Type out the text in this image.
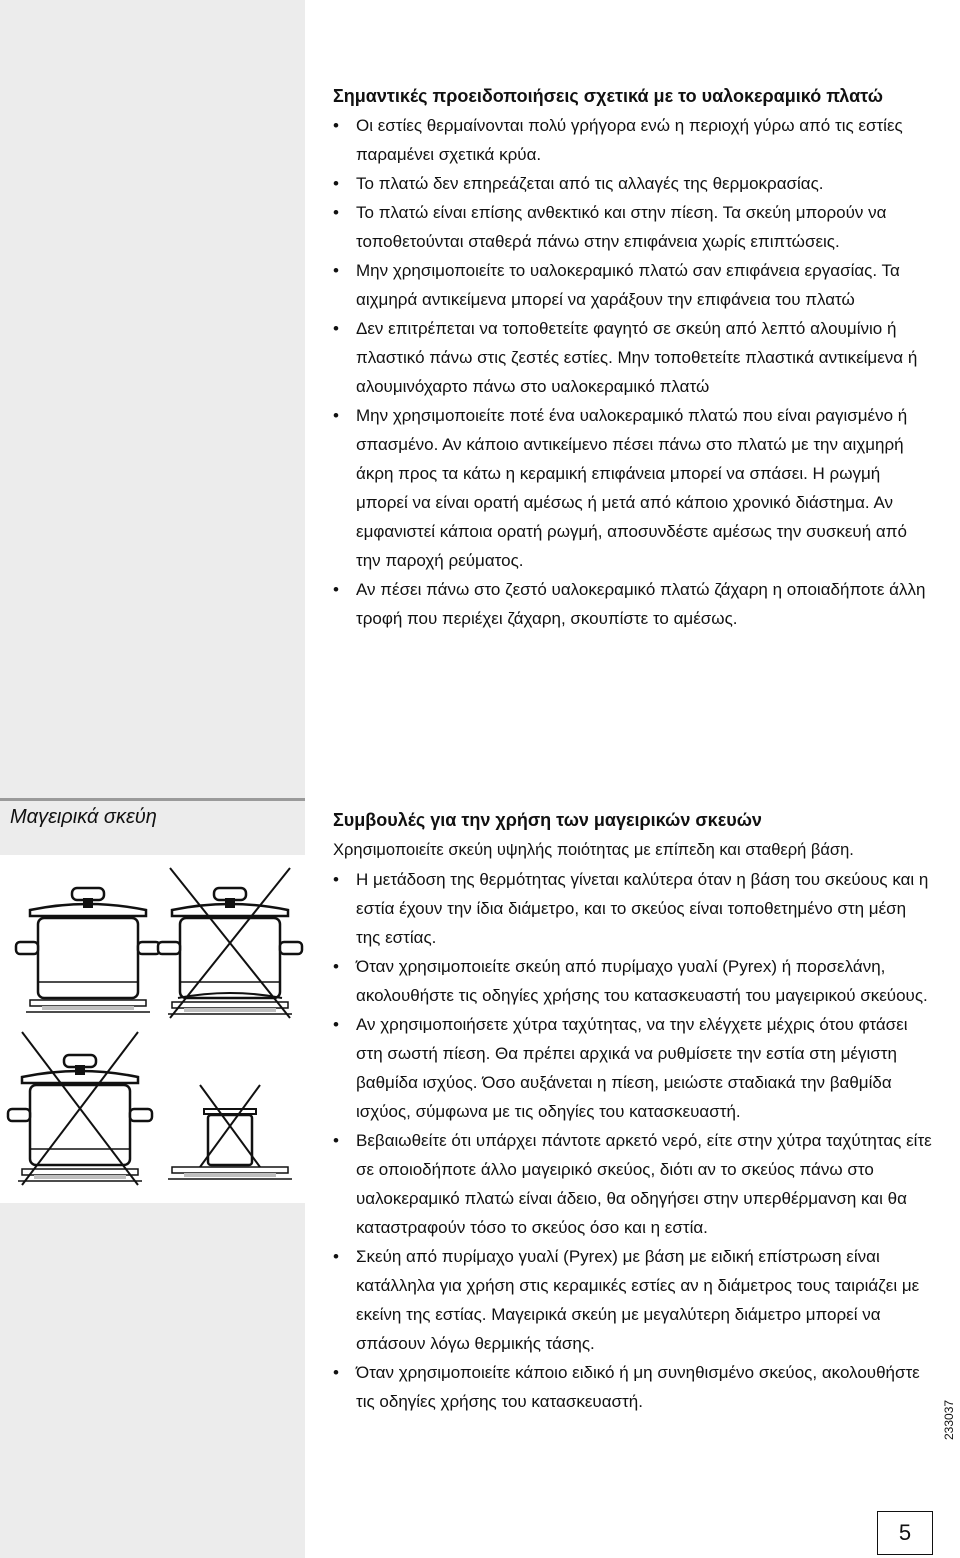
Μαγειρικά σκεύη
Σημαντικές προειδοποιήσεις σχετικά με το υαλοκεραμικό πλατώ
• Οι εστίες θερμαίνονται πολύ γρήγορα ενώ η περιοχή γύρω από τις εστίες παραμένει σχετικά κρύα.
• Το πλατώ δεν επηρεάζεται από τις αλλαγές της θερμοκρασίας.
• Το πλατώ είναι επίσης ανθεκτικό και στην πίεση. Τα σκεύη μπορούν να τοποθετούνται σταθερά πάνω στην επιφάνεια χωρίς επιπτώσεις.
• Μην χρησιμοποιείτε το υαλοκεραμικό πλατώ σαν επιφάνεια εργασίας. Τα αιχμηρά αντικείμενα μπορεί να χαράξουν την επιφάνεια του πλατώ
• Δεν επιτρέπεται να τοποθετείτε φαγητό σε σκεύη από λεπτό αλουμίνιο ή πλαστικό πάνω στις ζεστές εστίες. Μην τοποθετείτε πλαστικά αντικείμενα ή αλουμινόχαρτο πάνω στο υαλοκεραμικό πλατώ
• Μην χρησιμοποιείτε ποτέ ένα υαλοκεραμικό πλατώ που είναι ραγισμένο ή σπασμένο. Αν κάποιο αντικείμενο πέσει πάνω στο πλατώ με την αιχμηρή άκρη προς τα κάτω η κεραμική επιφάνεια μπορεί να σπάσει. Η ρωγμή μπορεί να είναι ορατή αμέσως ή μετά από κάποιο χρονικό διάστημα. Αν εμφανιστεί κάποια ορατή ρωγμή, αποσυνδέστε αμέσως την συσκευή από την παροχή ρεύματος.
• Αν πέσει πάνω στο ζεστό υαλοκεραμικό πλατώ ζάχαρη η οποιαδήποτε άλλη τροφή που περιέχει ζάχαρη, σκουπίστε το αμέσως.
Συμβουλές για την χρήση των μαγειρικών σκευών

Χρησιμοποιείτε σκεύη υψηλής ποιότητας με επίπεδη και σταθερή βάση.

• Η μετάδοση της θερμότητας γίνεται καλύτερα όταν η βάση του σκεύους και η εστία έχουν την ίδια διάμετρο, και το σκεύος είναι τοποθετημένο στη μέση της εστίας.
• Όταν χρησιμοποιείτε σκεύη από πυρίμαχο γυαλί (Pyrex) ή πορσελάνη, ακολουθήστε τις οδηγίες χρήσης του κατασκευαστή του μαγειρικού σκεύους.
• Αν χρησιμοποιήσετε χύτρα ταχύτητας, να την ελέγχετε μέχρις ότου φτάσει στη σωστή πίεση. Θα πρέπει αρχικά να ρυθμίσετε την εστία στη μέγιστη βαθμίδα ισχύος. Όσο αυξάνεται η πίεση, μειώστε σταδιακά την βαθμίδα ισχύος, σύμφωνα με τις οδηγίες του κατασκευαστή.
• Βεβαιωθείτε ότι υπάρχει πάντοτε αρκετό νερό, είτε στην χύτρα ταχύτητας είτε σε οποιοδήποτε άλλο μαγειρικό σκεύος, διότι αν το σκεύος πάνω στο υαλοκεραμικό πλατώ είναι άδειο, θα οδηγήσει στην υπερθέρμανση και θα καταστραφούν τόσο το σκεύος όσο και η εστία.
• Σκεύη από πυρίμαχο γυαλί (Pyrex) με βάση με ειδική επίστρωση είναι κατάλληλα για χρήση στις κεραμικές εστίες αν η διάμετρος τους ταιριάζει με εκείνη της εστίας. Μαγειρικά σκεύη με μεγαλύτερη διάμετρο μπορεί να σπάσουν λόγω θερμικής τάσης.
• Όταν χρησιμοποιείτε κάποιο ειδικό ή μη συνηθισμένο σκεύος, ακολουθήστε τις οδηγίες χρήσης του κατασκευαστή.	233037
5
